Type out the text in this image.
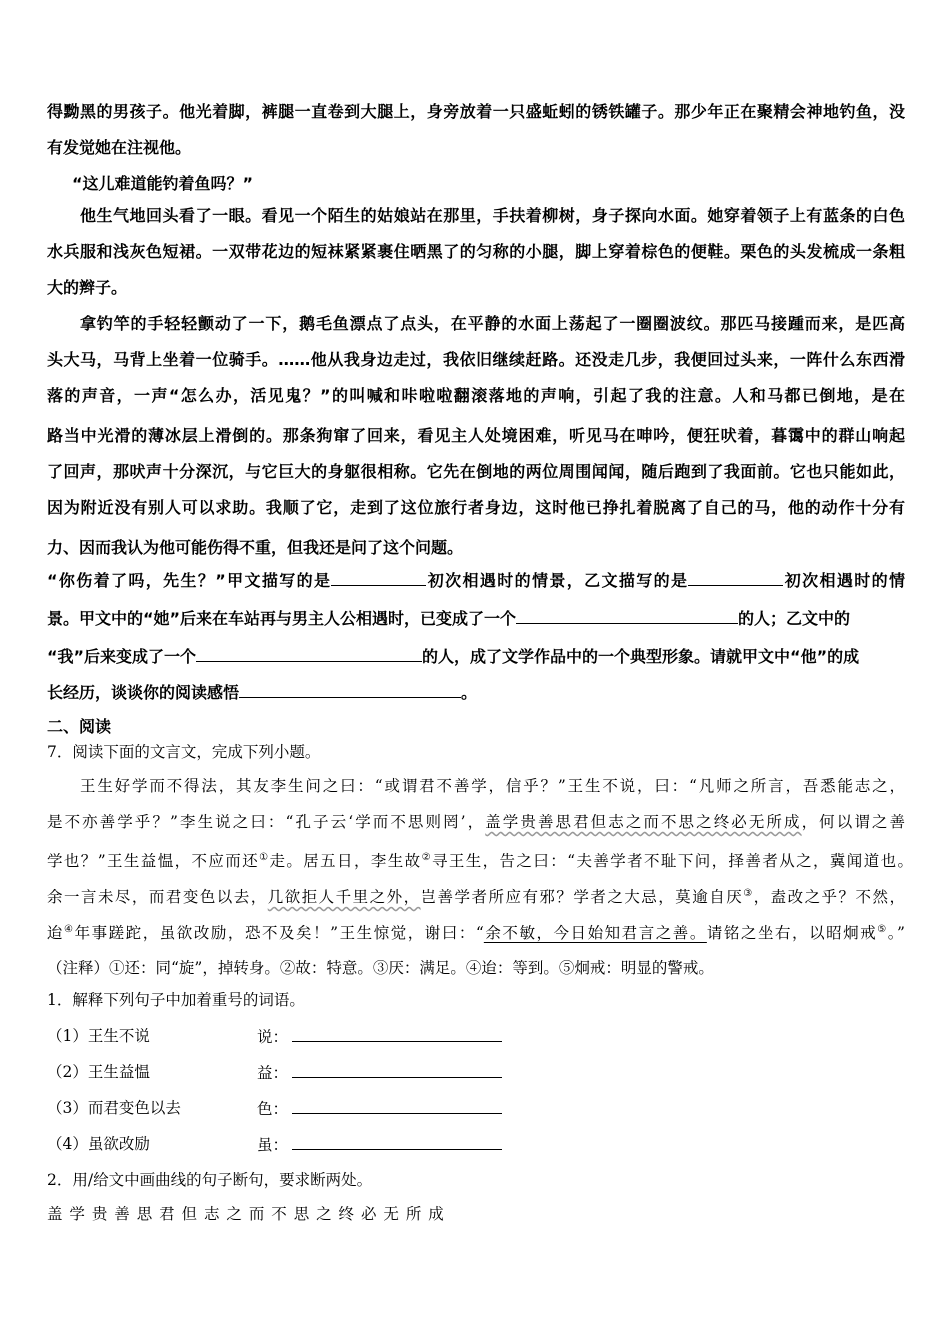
得黝黑的男孩子。他光着脚，裤腿一直卷到大腿上，身旁放着一只盛蚯蚓的锈铁罐子。那少年正在聚精会神地钓鱼，没
有发觉她在注视他。
“这儿难道能钓着鱼吗？”
他生气地回头看了一眼。看见一个陌生的姑娘站在那里，手扶着柳树，身子探向水面。她穿着领子上有蓝条的白色
水兵服和浅灰色短裙。一双带花边的短袜紧紧裹住晒黑了的匀称的小腿，脚上穿着棕色的便鞋。栗色的头发梳成一条粗
大的辫子。
拿钓竿的手轻轻颤动了一下，鹅毛鱼漂点了点头，在平静的水面上荡起了一圈圈波纹。那匹马接踵而来，是匹高
头大马，马背上坐着一位骑手。……他从我身边走过，我依旧继续赶路。还没走几步，我便回过头来，一阵什么东西滑
落的声音，一声“怎么办，活见鬼？”的叫喊和咔啦啦翻滚落地的声响，引起了我的注意。人和马都已倒地，是在
路当中光滑的薄冰层上滑倒的。那条狗窜了回来，看见主人处境困难，听见马在呻吟，便狂吠着，暮霭中的群山响起
了回声，那吠声十分深沉，与它巨大的身躯很相称。它先在倒地的两位周围闻闻，随后跑到了我面前。它也只能如此，
因为附近没有别人可以求助。我顺了它，走到了这位旅行者身边，这时他已挣扎着脱离了自己的马，他的动作十分有
力、因而我认为他可能伤得不重，但我还是问了这个问题。
“你伤着了吗，先生？”甲文描写的是	初次相遇时的情景，乙文描写的是	初次相遇时的情
景。甲文中的“她”后来在车站再与男主人公相遇时，已变成了一个	的人；乙文中的
“我”后来变成了一个	的人，成了文学作品中的一个典型形象。请就甲文中“他”的成
长经历，谈谈你的阅读感悟	。
二、阅读
7．阅读下面的文言文，完成下列小题。
王生好学而不得法，其友李生问之曰：“或谓君不善学，信乎？”王生不说，曰：“凡师之所言，吾悉能志之，
是不亦善学乎？”李生说之曰：“孔子云‘学而不思则罔’，盖学贵善思君但志之而不思之终必无所成，何以谓之善
学也？”王生益愠，不应而还①走。居五日，李生故②寻王生，告之曰：“夫善学者不耻下问，择善者从之，冀闻道也。
余一言未尽，而君变色以去，几欲拒人千里之外，岂善学者所应有邪？学者之大忌，莫逾自厌③，盍改之乎？不然，
迨④年事蹉跎，虽欲改励，恐不及矣！”王生惊觉，谢曰：“余不敏，今日始知君言之善。请铭之坐右，以昭炯戒⑤。”
（注释）①还：同“旋”，掉转身。②故：特意。③厌：满足。④迨：等到。⑤炯戒：明显的警戒。
1．解释下列句子中加着重号的词语。
（1）王生不说	说：
（2）王生益愠	益：
（3）而君变色以去	色：
（4）虽欲改励	虽：
2．用/给文中画曲线的句子断句，要求断两处。
盖 学 贵 善 思 君 但 志 之 而 不 思 之 终 必 无 所 成
